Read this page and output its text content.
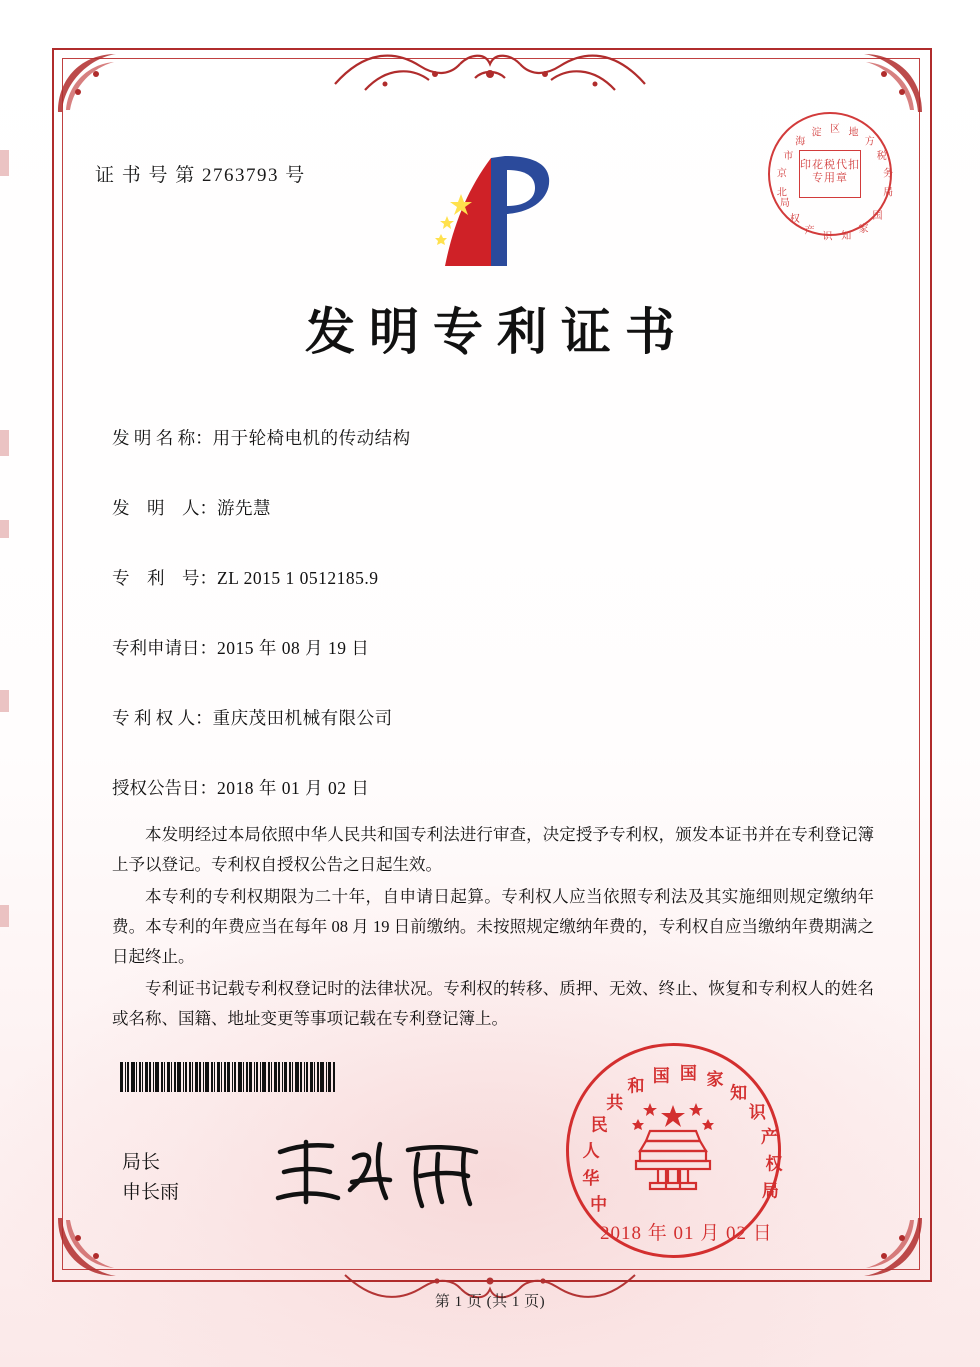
证 书 号 第 2763793 号
北
京
市
海
淀 区 地
方
税
务
局
国
家
知
识
产
权
局
印花税代扣专用章
发明专利证书
发 明 名 称： 用于轮椅电机的传动结构
发　明　人： 游先慧
专　利　号： ZL 2015 1 0512185.9
专利申请日： 2015 年 08 月 19 日
专 利 权 人： 重庆茂田机械有限公司
授权公告日： 2018 年 01 月 02 日

本发明经过本局依照中华人民共和国专利法进行审查，决定授予专利权，颁发本证书并在专利登记簿上予以登记。专利权自授权公告之日起生效。

本专利的专利权期限为二十年，自申请日起算。专利权人应当依照专利法及其实施细则规定缴纳年费。本专利的年费应当在每年 08 月 19 日前缴纳。未按照规定缴纳年费的，专利权自应当缴纳年费期满之日起终止。

专利证书记载专利权登记时的法律状况。专利权的转移、质押、无效、终止、恢复和专利权人的姓名或名称、国籍、地址变更等事项记载在专利登记簿上。

局长
申长雨
中
华
人
民
共
和
国 国 家
知
识
产
权
局
2018 年 01 月 02 日
第 1 页 (共 1 页)
